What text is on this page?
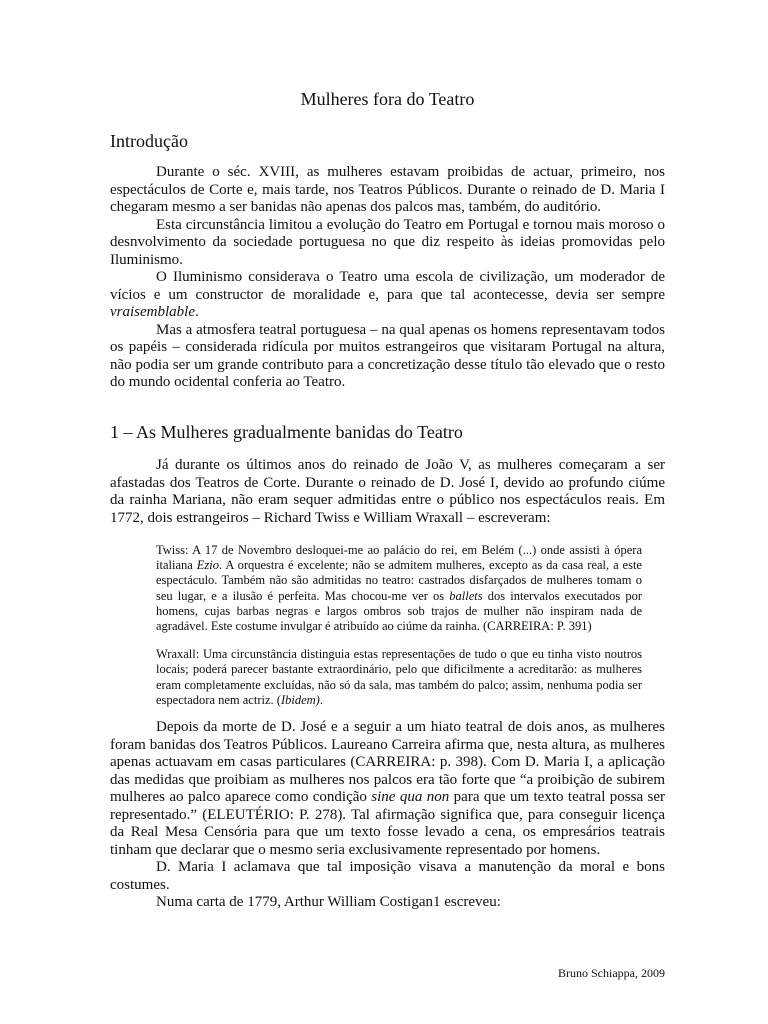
Mulheres fora do Teatro
Introdução

Durante o séc. XVIII, as mulheres estavam proibidas de actuar, primeiro, nos espectáculos de Corte e, mais tarde, nos Teatros Públicos. Durante o reinado de D. Maria I chegaram mesmo a ser banidas não apenas dos palcos mas, também, do auditório.

Esta circunstância limitou a evolução do Teatro em Portugal e tornou mais moroso o desnvolvimento da sociedade portuguesa no que diz respeito às ideias promovidas pelo Iluminismo.

O Iluminismo considerava o Teatro uma escola de civilização, um moderador de vícios e um constructor de moralidade e, para que tal acontecesse, devia ser sempre vraisemblable.

Mas a atmosfera teatral portuguesa – na qual apenas os homens representavam todos os papéis – considerada ridícula por muitos estrangeiros que visitaram Portugal na altura, não podia ser um grande contributo para a concretização desse título tão elevado que o resto do mundo ocidental conferia ao Teatro.

1 – As Mulheres gradualmente banidas do Teatro

Já durante os últimos anos do reinado de João V, as mulheres começaram a ser afastadas dos Teatros de Corte. Durante o reinado de D. José I, devido ao profundo ciúme da rainha Mariana, não eram sequer admitidas entre o público nos espectáculos reais. Em 1772, dois estrangeiros – Richard Twiss e William Wraxall – escreveram:

Twiss: A 17 de Novembro desloquei-me ao palácio do rei, em Belém (...) onde assisti à ópera italiana Ezio. A orquestra é excelente; não se admitem mulheres, excepto as da casa real, a este espectáculo. Também não são admitidas no teatro: castrados disfarçados de mulheres tomam o seu lugar, e a ilusão é perfeita. Mas chocou-me ver os ballets dos intervalos executados por homens, cujas barbas negras e largos ombros sob trajos de mulher não inspiram nada de agradável. Este costume invulgar é atribuído ao ciúme da rainha. (CARREIRA: P. 391)

Wraxall: Uma circunstância distinguia estas representações de tudo o que eu tinha visto noutros locais; poderá parecer bastante extraordinário, pelo que dificilmente a acreditarão: as mulheres eram completamente excluídas, não só da sala, mas também do palco; assim, nenhuma podia ser espectadora nem actriz. (Ibidem).

Depois da morte de D. José e a seguir a um hiato teatral de dois anos, as mulheres foram banidas dos Teatros Públicos. Laureano Carreira afirma que, nesta altura, as mulheres apenas actuavam em casas particulares (CARREIRA: p. 398). Com D. Maria I, a aplicação das medidas que proibiam as mulheres nos palcos era tão forte que “a proibição de subirem mulheres ao palco aparece como condição sine qua non para que um texto teatral possa ser representado.” (ELEUTÉRIO: P. 278). Tal afirmação significa que, para conseguir licença da Real Mesa Censória para que um texto fosse levado a cena, os empresários teatrais tinham que declarar que o mesmo seria exclusivamente representado por homens.

D. Maria I aclamava que tal imposição visava a manutenção da moral e bons costumes.

Numa carta de 1779, Arthur William Costigan1 escreveu:

Bruno Schiappa, 2009
